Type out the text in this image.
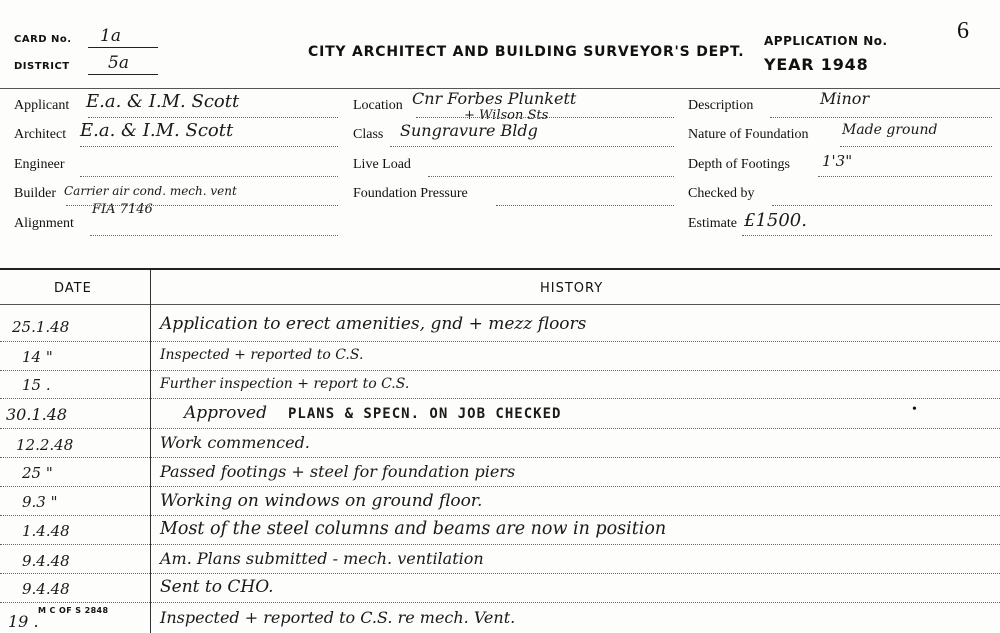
CARD No. 1a
DISTRICT 5a
CITY ARCHITECT AND BUILDING SURVEYOR'S DEPT.
APPLICATION No.	6
YEAR 1948
Applicant E.a. & I.M. Scott
Architect E.a. & I.M. Scott
Engineer
Builder Carrier air cond. mech. vent
FIA 7146
Alignment
Location Cnr Forbes Plunkett
+ Wilson Sts
Class Sungravure Bldg
Live Load
Foundation Pressure
Description	Minor
Nature of Foundation Made ground
Depth of Footings 1'3"
Checked by
Estimate £1500.
DATE	HISTORY
25.1.48	Application to erect amenities, gnd + mezz floors
14 "	Inspected + reported to C.S.
15 .	Further inspection + report to C.S.
30.1.48	Approved PLANS & SPECN. ON JOB CHECKED	•
12.2.48	Work commenced.
25 "	Passed footings + steel for foundation piers
9.3 "	Working on windows on ground floor.
1.4.48	Most of the steel columns and beams are now in position
9.4.48	Am. Plans submitted - mech. ventilation
9.4.48	Sent to CHO.
19 .	Inspected + reported to C.S. re mech. Vent.
M C OF S 2848
